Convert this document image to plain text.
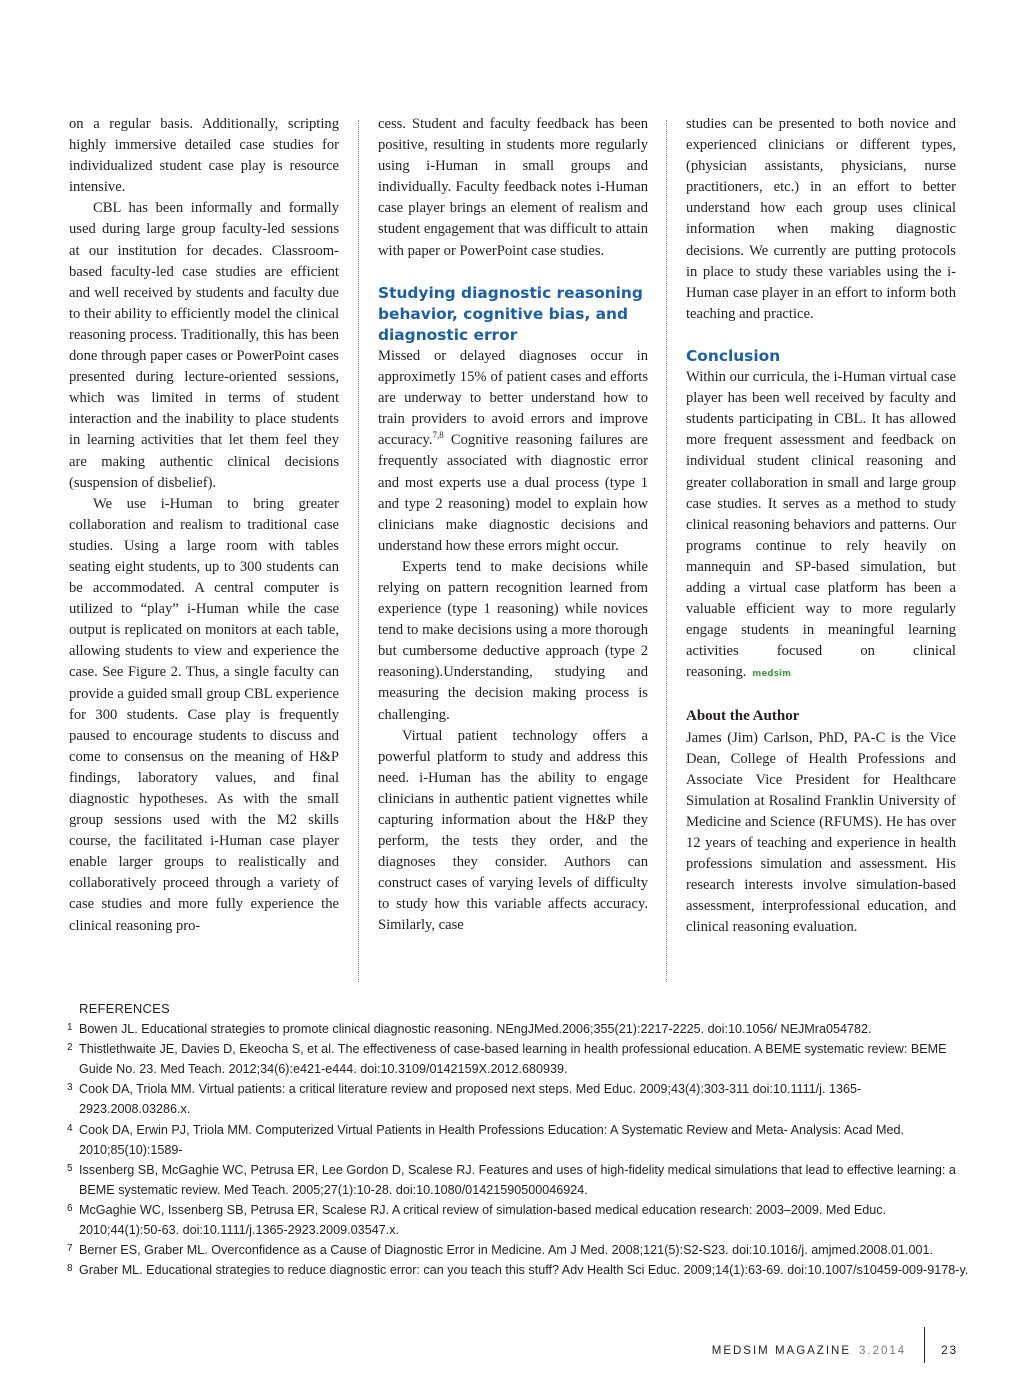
on a regular basis. Additionally, scripting highly immersive detailed case studies for individualized student case play is resource intensive.

CBL has been informally and formally used during large group faculty-led sessions at our institution for decades. Classroom-based faculty-led case studies are efficient and well received by students and faculty due to their ability to efficiently model the clinical reasoning process. Traditionally, this has been done through paper cases or PowerPoint cases presented during lecture-oriented sessions, which was limited in terms of student interaction and the inability to place students in learning activities that let them feel they are making authentic clinical decisions (suspension of disbelief).

We use i-Human to bring greater collaboration and realism to traditional case studies. Using a large room with tables seating eight students, up to 300 students can be accommodated. A central computer is utilized to “play” i-Human while the case output is replicated on monitors at each table, allowing students to view and experience the case. See Figure 2. Thus, a single faculty can provide a guided small group CBL experience for 300 students. Case play is frequently paused to encourage students to discuss and come to consensus on the meaning of H&P findings, laboratory values, and final diagnostic hypotheses. As with the small group sessions used with the M2 skills course, the facilitated i-Human case player enable larger groups to realistically and collaboratively proceed through a variety of case studies and more fully experience the clinical reasoning pro-

cess. Student and faculty feedback has been positive, resulting in students more regularly using i-Human in small groups and individually. Faculty feedback notes i-Human case player brings an element of realism and student engagement that was difficult to attain with paper or PowerPoint case studies.

Studying diagnostic reasoning behavior, cognitive bias, and diagnostic error

Missed or delayed diagnoses occur in approximetly 15% of patient cases and efforts are underway to better understand how to train providers to avoid errors and improve accuracy.$^{7,8}$ Cognitive reasoning failures are frequently associated with diagnostic error and most experts use a dual process (type 1 and type 2 reasoning) model to explain how clinicians make diagnostic decisions and understand how these errors might occur.

Experts tend to make decisions while relying on pattern recognition learned from experience (type 1 reasoning) while novices tend to make decisions using a more thorough but cumbersome deductive approach (type 2 reasoning).Understanding, studying and measuring the decision making process is challenging.

Virtual patient technology offers a powerful platform to study and address this need. i-Human has the ability to engage clinicians in authentic patient vignettes while capturing information about the H&P they perform, the tests they order, and the diagnoses they consider. Authors can construct cases of varying levels of difficulty to study how this variable affects accuracy. Similarly, case

studies can be presented to both novice and experienced clinicians or different types, (physician assistants, physicians, nurse practitioners, etc.) in an effort to better understand how each group uses clinical information when making diagnostic decisions. We currently are putting protocols in place to study these variables using the i-Human case player in an effort to inform both teaching and practice.

Conclusion

Within our curricula, the i-Human virtual case player has been well received by faculty and students participating in CBL. It has allowed more frequent assessment and feedback on individual student clinical reasoning and greater collaboration in small and large group case studies. It serves as a method to study clinical reasoning behaviors and patterns. Our programs continue to rely heavily on mannequin and SP-based simulation, but adding a virtual case platform has been a valuable efficient way to more regularly engage students in meaningful learning activities focused on clinical reasoning. medsim

About the Author

James (Jim) Carlson, PhD, PA-C is the Vice Dean, College of Health Professions and Associate Vice President for Healthcare Simulation at Rosalind Franklin University of Medicine and Science (RFUMS). He has over 12 years of teaching and experience in health professions simulation and assessment. His research interests involve simulation-based assessment, interprofessional education, and clinical reasoning evaluation.

REFERENCES

1 Bowen JL. Educational strategies to promote clinical diagnostic reasoning. NEngJMed.2006;355(21):2217-2225. doi:10.1056/ NEJMra054782.

2 Thistlethwaite JE, Davies D, Ekeocha S, et al. The effectiveness of case-based learning in health professional education. A BEME systematic review: BEME Guide No. 23. Med Teach. 2012;34(6):e421-e444. doi:10.3109/0142159X.2012.680939.

3 Cook DA, Triola MM. Virtual patients: a critical literature review and proposed next steps. Med Educ. 2009;43(4):303-311 doi:10.1111/j. 1365-2923.2008.03286.x.

4 Cook DA, Erwin PJ, Triola MM. Computerized Virtual Patients in Health Professions Education: A Systematic Review and Meta- Analysis: Acad Med. 2010;85(10):1589-

5 Issenberg SB, McGaghie WC, Petrusa ER, Lee Gordon D, Scalese RJ. Features and uses of high-fidelity medical simulations that lead to effective learning: a BEME systematic review. Med Teach. 2005;27(1):10-28. doi:10.1080/01421590500046924.

6 McGaghie WC, Issenberg SB, Petrusa ER, Scalese RJ. A critical review of simulation-based medical education research: 2003–2009. Med Educ. 2010;44(1):50-63. doi:10.1111/j.1365-2923.2009.03547.x.

7 Berner ES, Graber ML. Overconfidence as a Cause of Diagnostic Error in Medicine. Am J Med. 2008;121(5):S2-S23. doi:10.1016/j. amjmed.2008.01.001.

8 Graber ML. Educational strategies to reduce diagnostic error: can you teach this stuff? Adv Health Sci Educ. 2009;14(1):63-69. doi:10.1007/s10459-009-9178-y.

MEDSIM MAGAZINE 3.2014	23
